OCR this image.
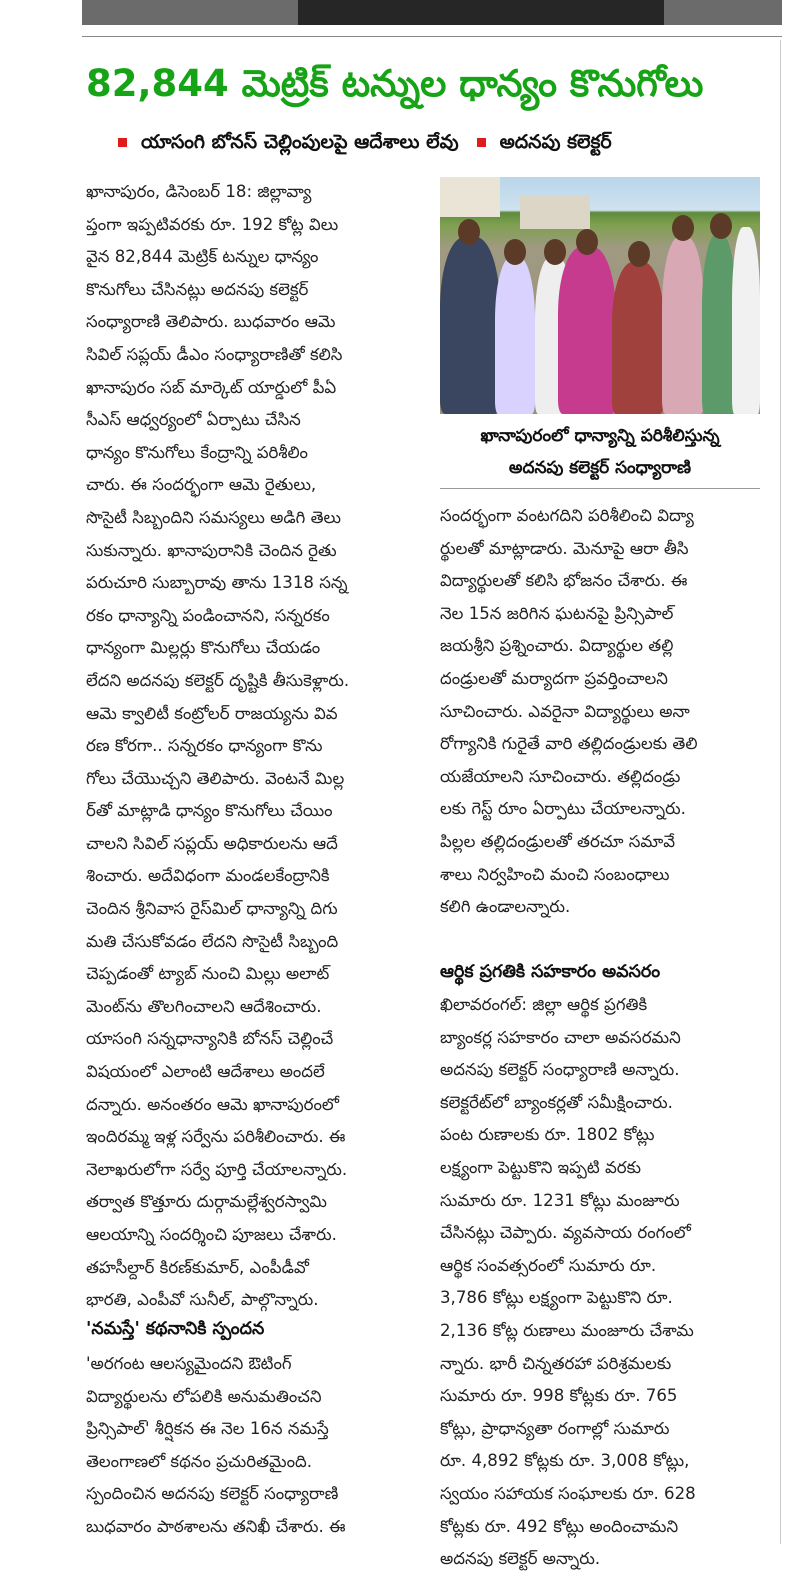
82,844 మెట్రిక్ టన్నుల ధాన్యం కొనుగోలు
యాసంగి బోనస్ చెల్లింపులపై ఆదేశాలు లేవు అదనపు కలెక్టర్

ఖానాపురం, డిసెంబర్ 18: జిల్లావ్యా

ప్తంగా ఇప్పటివరకు రూ. 192 కోట్ల విలు

వైన 82,844 మెట్రిక్ టన్నుల ధాన్యం

కొనుగోలు చేసినట్లు అదనపు కలెక్టర్

సంధ్యారాణి తెలిపారు. బుధవారం ఆమె

సివిల్ సప్లయ్ డీఎం సంధ్యారాణితో కలిసి

ఖానాపురం సబ్ మార్కెట్ యార్డులో పీఏ

సీఎస్ ఆధ్వర్యంలో ఏర్పాటు చేసిన

ధాన్యం కొనుగోలు కేంద్రాన్ని పరిశీలిం

చారు. ఈ సందర్భంగా ఆమె రైతులు,

సొసైటీ సిబ్బందిని సమస్యలు అడిగి తెలు

సుకున్నారు. ఖానాపురానికి చెందిన రైతు

పరుచూరి సుబ్బారావు తాను 1318 సన్న

రకం ధాన్యాన్ని పండించానని, సన్నరకం

ధాన్యంగా మిల్లర్లు కొనుగోలు చేయడం

లేదని అదనపు కలెక్టర్ దృష్టికి తీసుకెళ్లారు.

ఆమె క్వాలిటీ కంట్రోలర్ రాజయ్యను వివ

రణ కోరగా.. సన్నరకం ధాన్యంగా కొను

గోలు చేయొచ్చని తెలిపారు. వెంటనే మిల్ల

ర్‌తో మాట్లాడి ధాన్యం కొనుగోలు చేయిం

చాలని సివిల్ సప్లయ్ అధికారులను ఆదే

శించారు. అదేవిధంగా మండలకేంద్రానికి

చెందిన శ్రీనివాస రైస్‌మిల్ ధాన్యాన్ని దిగు

మతి చేసుకోవడం లేదని సొసైటీ సిబ్బంది

చెప్పడంతో ట్యాబ్ నుంచి మిల్లు అలాట్

మెంట్‌ను తొలగించాలని ఆదేశించారు.

యాసంగి సన్నధాన్యానికి బోనస్ చెల్లించే

విషయంలో ఎలాంటి ఆదేశాలు అందలే

దన్నారు. అనంతరం ఆమె ఖానాపురంలో

ఇందిరమ్మ ఇళ్ల సర్వేను పరిశీలించారు. ఈ

నెలాఖరులోగా సర్వే పూర్తి చేయాలన్నారు.

తర్వాత కొత్తూరు దుర్గామల్లేశ్వరస్వామి

ఆలయాన్ని సందర్శించి పూజలు చేశారు.

తహసీల్దార్ కిరణ్‌కుమార్, ఎంపీడీవో

భారతి, ఎంపీవో సునీల్, పాల్గొన్నారు.

'నమస్తే' కథనానికి స్పందన

'అరగంట ఆలస్యమైందని ఔటింగ్

విద్యార్థులను లోపలికి అనుమతించని

ప్రిన్సిపాల్' శీర్షికన ఈ నెల 16న నమస్తే

తెలంగాణలో కథనం ప్రచురితమైంది.

స్పందించిన అదనపు కలెక్టర్ సంధ్యారాణి

బుధవారం పాఠశాలను తనిఖీ చేశారు. ఈ

ఖానాపురంలో ధాన్యాన్ని పరిశీలిస్తున్న
అదనపు కలెక్టర్ సంధ్యారాణి

సందర్భంగా వంటగదిని పరిశీలించి విద్యా

ర్థులతో మాట్లాడారు. మెనూపై ఆరా తీసి

విద్యార్థులతో కలిసి భోజనం చేశారు. ఈ

నెల 15న జరిగిన ఘటనపై ప్రిన్సిపాల్

జయశ్రీని ప్రశ్నించారు. విద్యార్థుల తల్లి

దండ్రులతో మర్యాదగా ప్రవర్తించాలని

సూచించారు. ఎవరైనా విద్యార్థులు అనా

రోగ్యానికి గురైతే వారి తల్లిదండ్రులకు తెలి

యజేయాలని సూచించారు. తల్లిదండ్రు

లకు గెస్ట్ రూం ఏర్పాటు చేయాలన్నారు.

పిల్లల తల్లిదండ్రులతో తరచూ సమావే

శాలు నిర్వహించి మంచి సంబంధాలు

కలిగి ఉండాలన్నారు.

ఆర్థిక ప్రగతికి సహకారం అవసరం

ఖిలావరంగల్: జిల్లా ఆర్థిక ప్రగతికి

బ్యాంకర్ల సహకారం చాలా అవసరమని

అదనపు కలెక్టర్ సంధ్యారాణి అన్నారు.

కలెక్టరేట్‌లో బ్యాంకర్లతో సమీక్షించారు.

పంట రుణాలకు రూ. 1802 కోట్లు

లక్ష్యంగా పెట్టుకొని ఇప్పటి వరకు

సుమారు రూ. 1231 కోట్లు మంజూరు

చేసినట్లు చెప్పారు. వ్యవసాయ రంగంలో

ఆర్థిక సంవత్సరంలో సుమారు రూ.

3,786 కోట్లు లక్ష్యంగా పెట్టుకొని రూ.

2,136 కోట్ల రుణాలు మంజూరు చేశామ

న్నారు. భారీ చిన్నతరహా పరిశ్రమలకు

సుమారు రూ. 998 కోట్లకు రూ. 765

కోట్లు, ప్రాధాన్యతా రంగాల్లో సుమారు

రూ. 4,892 కోట్లకు రూ. 3,008 కోట్లు,

స్వయం సహాయక సంఘాలకు రూ. 628

కోట్లకు రూ. 492 కోట్లు అందించామని

అదనపు కలెక్టర్ అన్నారు.
